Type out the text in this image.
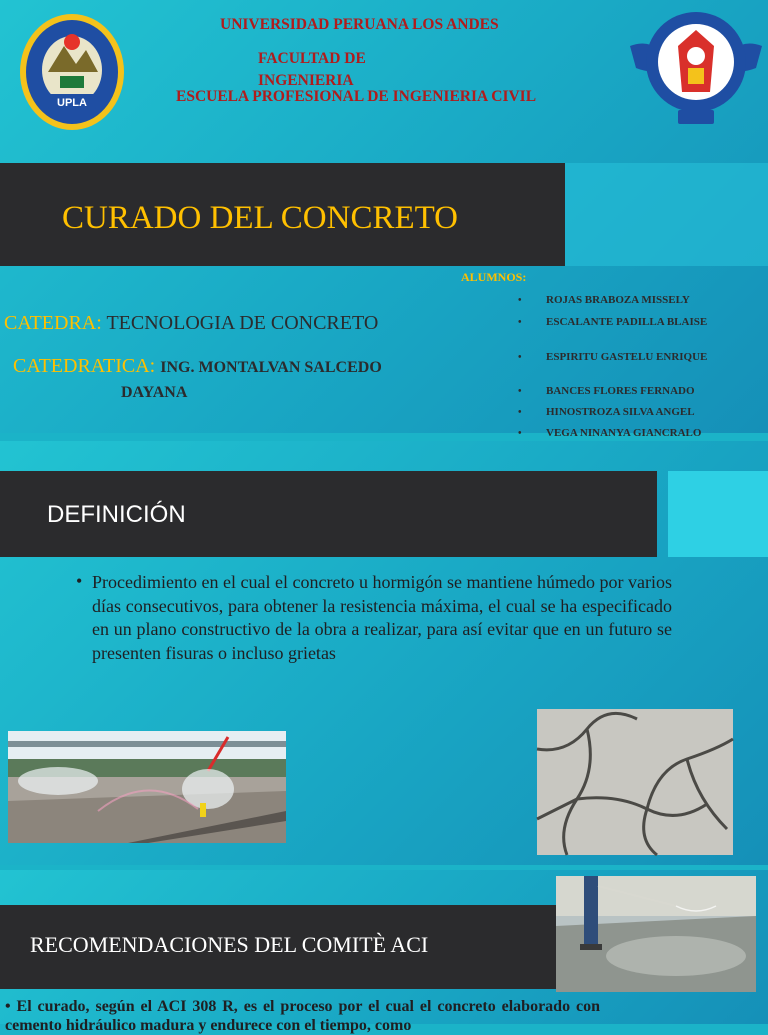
UPLA
UNIVERSIDAD PERUANA LOS ANDES
FACULTAD DE INGENIERIA
ESCUELA PROFESIONAL DE INGENIERIA CIVIL
CURADO DEL CONCRETO
CATEDRA: TECNOLOGIA DE CONCRETO
CATEDRATICA: ING. MONTALVAN SALCEDO
DAYANA
ALUMNOS:
•	ROJAS BRABOZA MISSELY
•	ESCALANTE PADILLA BLAISE
•	ESPIRITU GASTELU ENRIQUE
•	BANCES FLORES FERNADO
•	HINOSTROZA SILVA ANGEL
•	VEGA NINANYA GIANCRALO
DEFINICIÓN
• Procedimiento en el cual el concreto u hormigón se mantiene húmedo por varios días consecutivos, para obtener la resistencia máxima, el cual se ha especificado en un plano constructivo de la obra a realizar, para así evitar que en un futuro se presenten fisuras o incluso grietas
RECOMENDACIONES DEL COMITÈ ACI
• El curado, según el ACI 308 R, es el proceso por el cual el concreto elaborado con cemento hidráulico madura y endurece con el tiempo, como
